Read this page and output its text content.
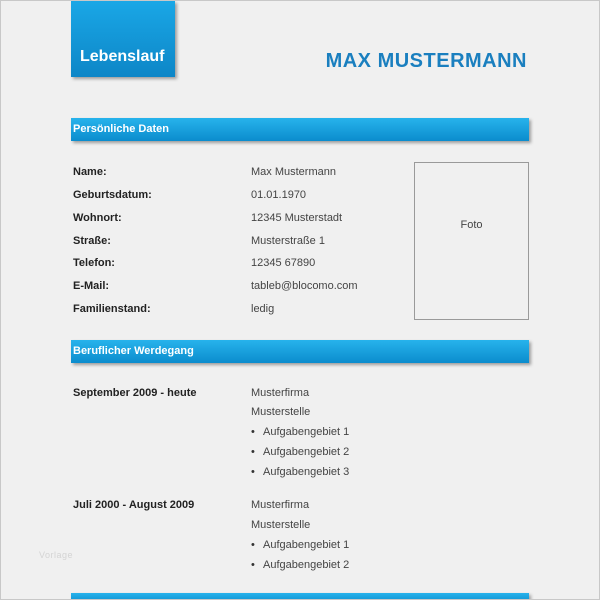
Lebenslauf	MAX MUSTERMANN
Persönliche Daten
Name:	Max Mustermann
Geburtsdatum:	01.01.1970
Wohnort:	12345 Musterstadt
Straße:	Musterstraße 1
Telefon:	12345 67890
E-Mail:	tableb@blocomo.com
Familienstand:	ledig
Foto
Beruflicher Werdegang
September 2009 - heute	Musterfirma
Musterstelle
• Aufgabengebiet 1
• Aufgabengebiet 2
• Aufgabengebiet 3
Juli 2000 - August 2009	Musterfirma
Musterstelle
• Aufgabengebiet 1
• Aufgabengebiet 2
Vorlage
